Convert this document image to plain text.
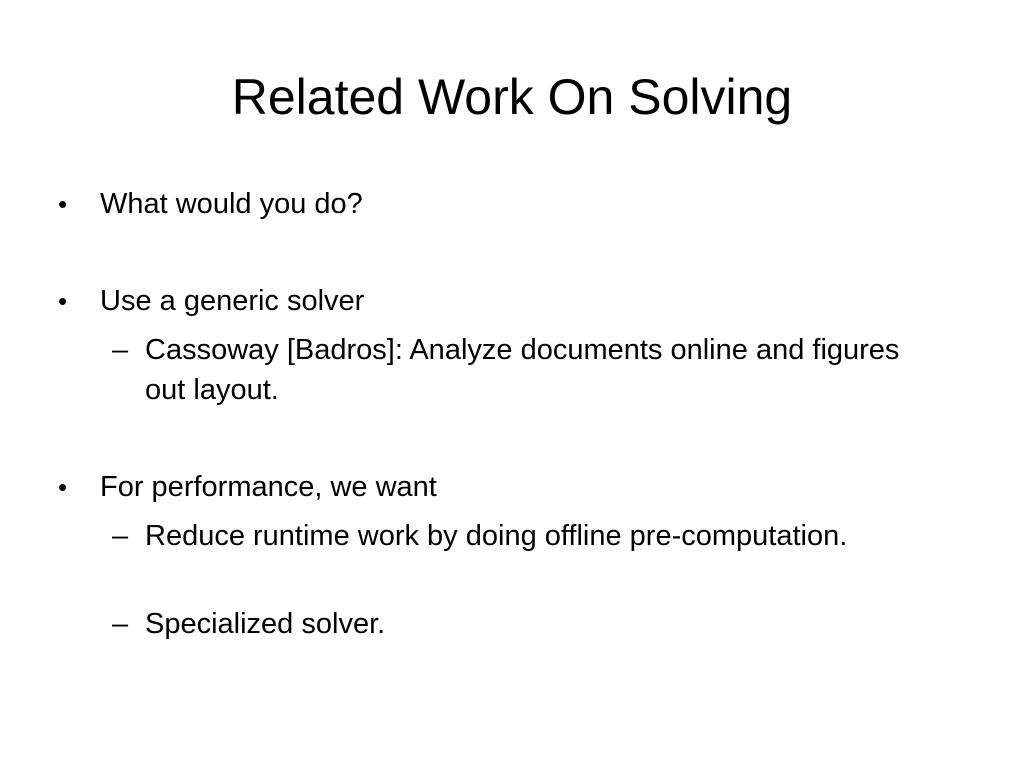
Related Work On Solving
• What would you do?
• Use a generic solver
– Cassoway [Badros]: Analyze documents online and figures out layout.
• For performance, we want
– Reduce runtime work by doing offline pre-computation.
– Specialized solver.
